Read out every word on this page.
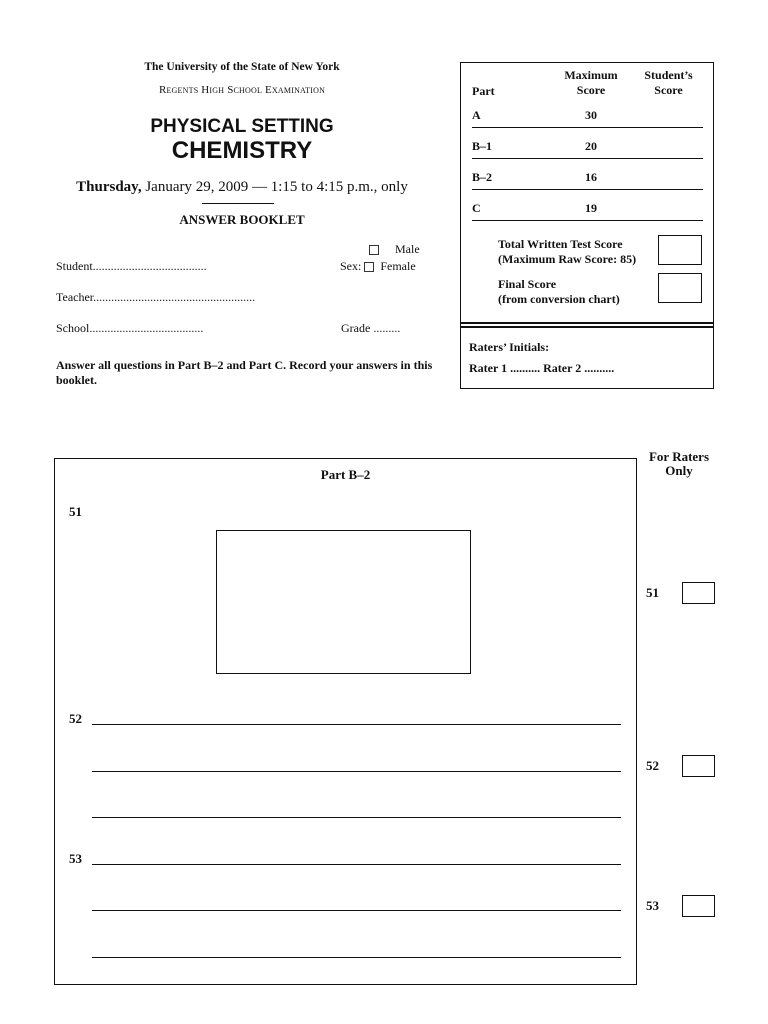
The University of the State of New York
Regents High School Examination
PHYSICAL SETTING
CHEMISTRY
Thursday, January 29, 2009 — 1:15 to 4:15 p.m., only
ANSWER BOOKLET
Male
Student......................................	Sex: Female
Teacher......................................................
School......................................	Grade .........
Answer all questions in Part B–2 and Part C. Record your answers in this booklet.
Part
Maximum Score
Student’s Score
A	30
B–1	20
B–2	16
C	19
Total Written Test Score
(Maximum Raw Score: 85)
Final Score
(from conversion chart)
Raters’ Initials:
Rater 1 .......... Rater 2 ..........
Part B–2
For Raters Only
51
52
53
51
52
53
